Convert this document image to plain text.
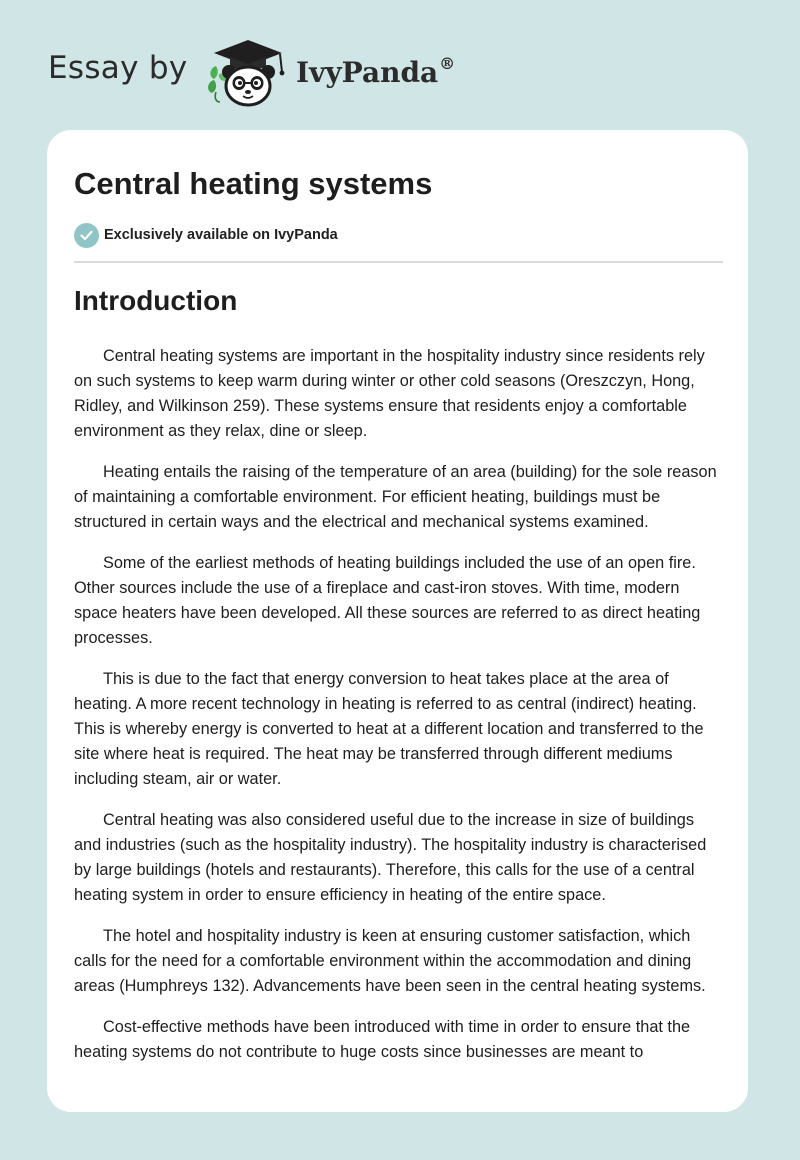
Essay by	IvyPanda®
Central heating systems
Exclusively available on IvyPanda
Introduction

Central heating systems are important in the hospitality industry since residents rely on such systems to keep warm during winter or other cold seasons (Oreszczyn, Hong, Ridley, and Wilkinson 259). These systems ensure that residents enjoy a comfortable environment as they relax, dine or sleep.

Heating entails the raising of the temperature of an area (building) for the sole reason of maintaining a comfortable environment. For efficient heating, buildings must be structured in certain ways and the electrical and mechanical systems examined.

Some of the earliest methods of heating buildings included the use of an open fire. Other sources include the use of a fireplace and cast-iron stoves. With time, modern space heaters have been developed. All these sources are referred to as direct heating processes.

This is due to the fact that energy conversion to heat takes place at the area of heating. A more recent technology in heating is referred to as central (indirect) heating. This is whereby energy is converted to heat at a different location and transferred to the site where heat is required. The heat may be transferred through different mediums including steam, air or water.

Central heating was also considered useful due to the increase in size of buildings and industries (such as the hospitality industry). The hospitality industry is characterised by large buildings (hotels and restaurants). Therefore, this calls for the use of a central heating system in order to ensure efficiency in heating of the entire space.

The hotel and hospitality industry is keen at ensuring customer satisfaction, which calls for the need for a comfortable environment within the accommodation and dining areas (Humphreys 132). Advancements have been seen in the central heating systems.

Cost-effective methods have been introduced with time in order to ensure that the heating systems do not contribute to huge costs since businesses are meant to
